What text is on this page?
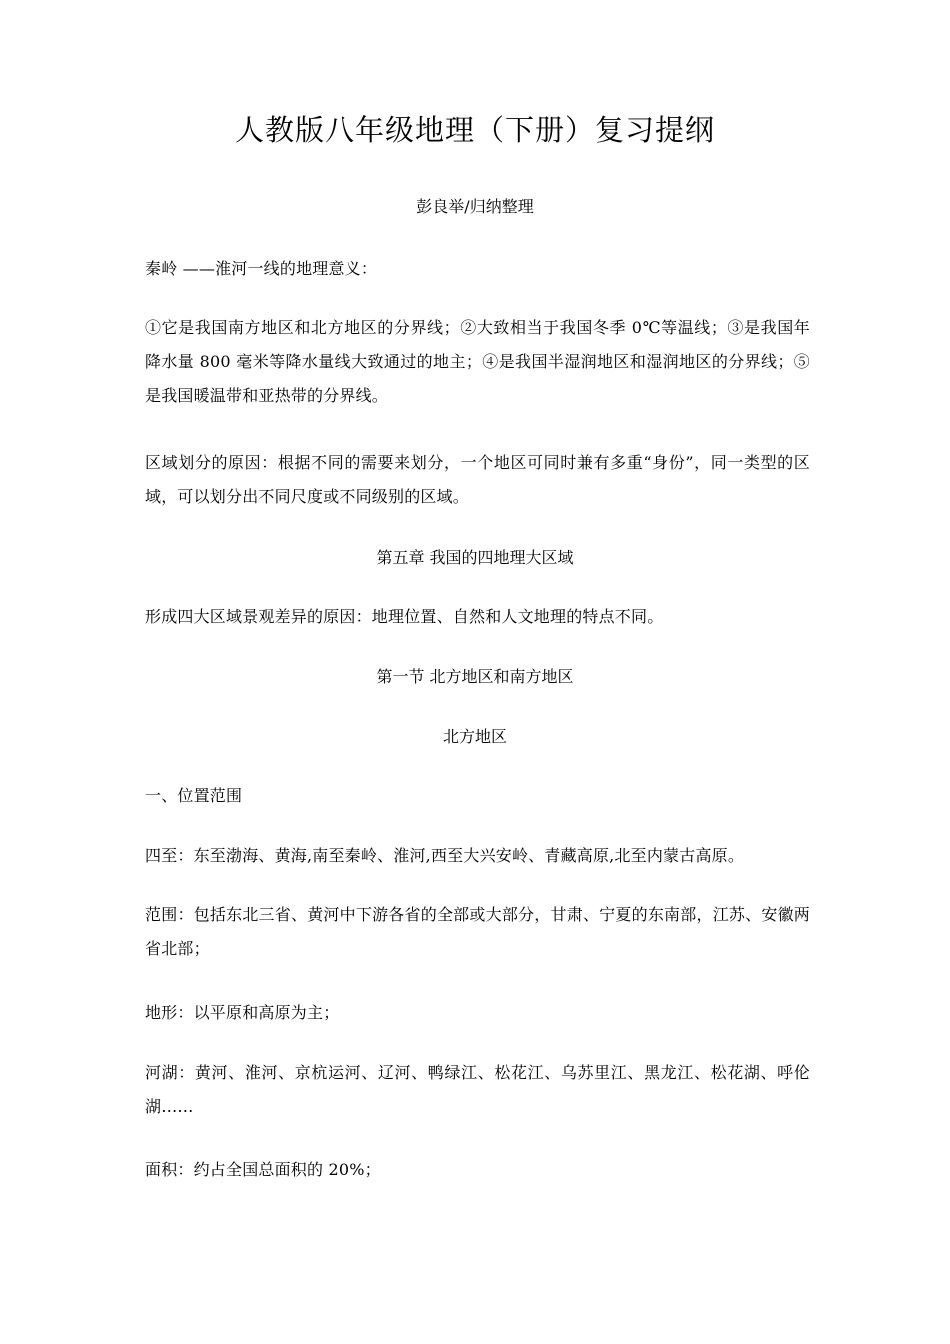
人教版八年级地理（下册）复习提纲
彭良举/归纳整理
秦岭 ——淮河一线的地理意义：
①它是我国南方地区和北方地区的分界线；②大致相当于我国冬季 0℃等温线；③是我国年降水量 800 毫米等降水量线大致通过的地主；④是我国半湿润地区和湿润地区的分界线；⑤是我国暖温带和亚热带的分界线。
区域划分的原因：根据不同的需要来划分，一个地区可同时兼有多重“身份”，同一类型的区域，可以划分出不同尺度或不同级别的区域。
第五章 我国的四地理大区域
形成四大区域景观差异的原因：地理位置、自然和人文地理的特点不同。
第一节 北方地区和南方地区
北方地区
一、位置范围
四至：东至渤海、黄海,南至秦岭、淮河,西至大兴安岭、青藏高原,北至内蒙古高原。
范围：包括东北三省、黄河中下游各省的全部或大部分，甘肃、宁夏的东南部，江苏、安徽两省北部；
地形：以平原和高原为主；
河湖：黄河、淮河、京杭运河、辽河、鸭绿江、松花江、乌苏里江、黑龙江、松花湖、呼伦湖……
面积：约占全国总面积的 20%；
